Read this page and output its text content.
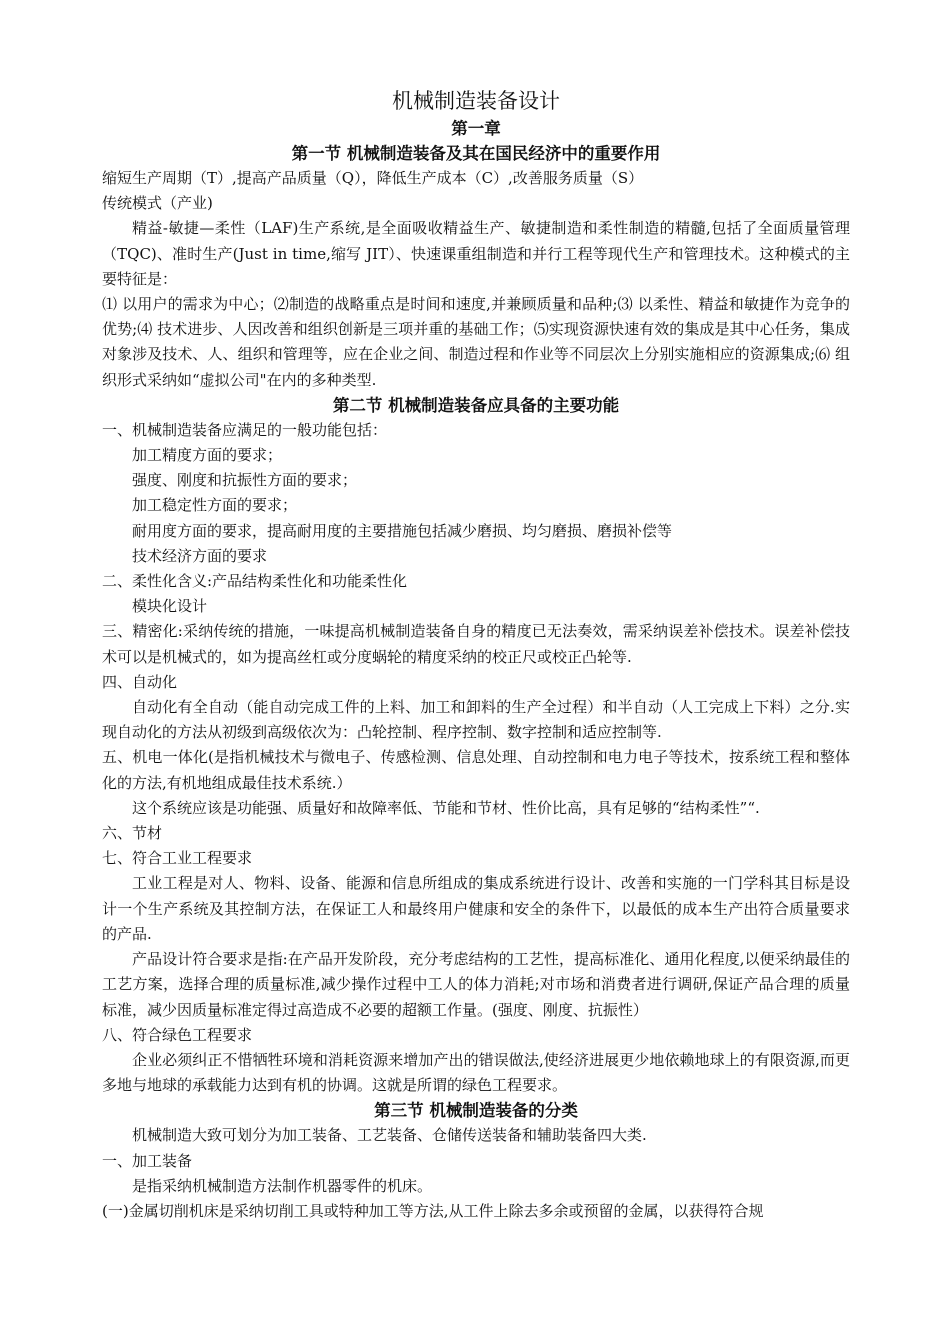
机械制造装备设计
第一章
第一节 机械制造装备及其在国民经济中的重要作用

缩短生产周期（T）,提高产品质量（Q），降低生产成本（C）,改善服务质量（S）

传统模式（产业)

精益-敏捷—柔性（LAF)生产系统,是全面吸收精益生产、敏捷制造和柔性制造的精髓,包括了全面质量管理（TQC)、准时生产(Just in time,缩写 JIT）、快速课重组制造和并行工程等现代生产和管理技术。这种模式的主要特征是：

⑴ 以用户的需求为中心；⑵制造的战略重点是时间和速度,并兼顾质量和品种;⑶ 以柔性、精益和敏捷作为竞争的优势;⑷ 技术进步、人因改善和组织创新是三项并重的基础工作；⑸实现资源快速有效的集成是其中心任务，集成对象涉及技术、人、组织和管理等，应在企业之间、制造过程和作业等不同层次上分别实施相应的资源集成;⑹ 组织形式采纳如“虚拟公司"在内的多种类型.

第二节 机械制造装备应具备的主要功能

一、机械制造装备应满足的一般功能包括：

加工精度方面的要求；

强度、刚度和抗振性方面的要求；

加工稳定性方面的要求；

耐用度方面的要求，提高耐用度的主要措施包括减少磨损、均匀磨损、磨损补偿等

技术经济方面的要求

二、柔性化含义:产品结构柔性化和功能柔性化

模块化设计

三、精密化:采纳传统的措施，一味提高机械制造装备自身的精度已无法奏效，需采纳误差补偿技术。误差补偿技术可以是机械式的，如为提高丝杠或分度蜗轮的精度采纳的校正尺或校正凸轮等.

四、自动化

自动化有全自动（能自动完成工件的上料、加工和卸料的生产全过程）和半自动（人工完成上下料）之分.实现自动化的方法从初级到高级依次为：凸轮控制、程序控制、数字控制和适应控制等.

五、机电一体化(是指机械技术与微电子、传感检测、信息处理、自动控制和电力电子等技术，按系统工程和整体化的方法,有机地组成最佳技术系统.）

这个系统应该是功能强、质量好和故障率低、节能和节材、性价比高，具有足够的“结构柔性”“.

六、节材

七、符合工业工程要求

工业工程是对人、物料、设备、能源和信息所组成的集成系统进行设计、改善和实施的一门学科其目标是设计一个生产系统及其控制方法，在保证工人和最终用户健康和安全的条件下，以最低的成本生产出符合质量要求的产品.

产品设计符合要求是指:在产品开发阶段，充分考虑结构的工艺性，提高标准化、通用化程度,以便采纳最佳的工艺方案，选择合理的质量标准,减少操作过程中工人的体力消耗;对市场和消费者进行调研,保证产品合理的质量标准，减少因质量标准定得过高造成不必要的超额工作量。(强度、刚度、抗振性）

八、符合绿色工程要求

企业必须纠正不惜牺牲环境和消耗资源来增加产出的错误做法,使经济进展更少地依赖地球上的有限资源,而更多地与地球的承载能力达到有机的协调。这就是所谓的绿色工程要求。

第三节 机械制造装备的分类

机械制造大致可划分为加工装备、工艺装备、仓储传送装备和辅助装备四大类.

一、加工装备

是指采纳机械制造方法制作机器零件的机床。

(一)金属切削机床是采纳切削工具或特种加工等方法,从工件上除去多余或预留的金属，以获得符合规
